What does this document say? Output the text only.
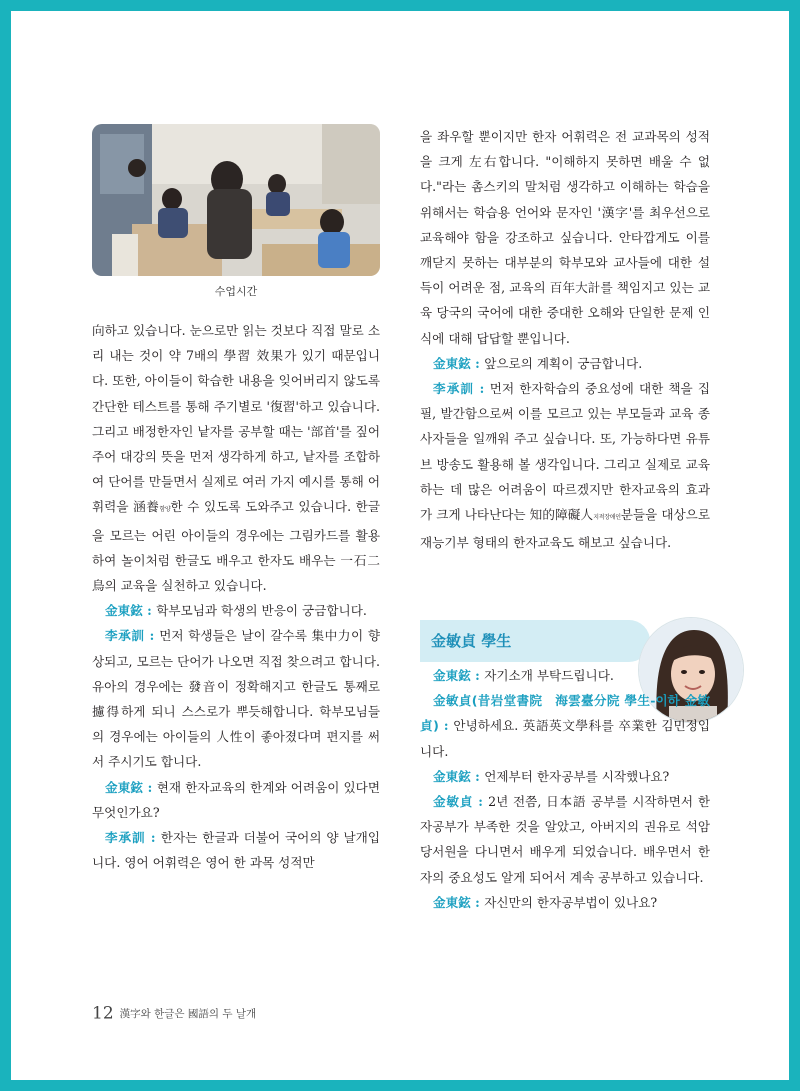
수업시간

向하고 있습니다. 눈으로만 읽는 것보다 직접 말로 소리 내는 것이 약 7배의 學習 效果가 있기 때문입니다. 또한, 아이들이 학습한 내용을 잊어버리지 않도록 간단한 테스트를 통해 주기별로 '復習'하고 있습니다. 그리고 배정한자인 낱자를 공부할 때는 '部首'를 짚어주어 대강의 뜻을 먼저 생각하게 하고, 낱자를 조합하여 단어를 만들면서 실제로 여러 가지 예시를 통해 어휘력을 涵養함양한 수 있도록 도와주고 있습니다. 한글을 모르는 어린 아이들의 경우에는 그림카드를 활용하여 놀이처럼 한글도 배우고 한자도 배우는 一石二鳥의 교육을 실천하고 있습니다.

金東鉉 : 학부모님과 학생의 반응이 궁금합니다.

李承訓 : 먼저 학생들은 날이 갈수록 集中力이 향상되고, 모르는 단어가 나오면 직접 찾으려고 합니다. 유아의 경우에는 發音이 정확해지고 한글도 통째로 攄得하게 되니 스스로가 뿌듯해합니다. 학부모님들의 경우에는 아이들의 人性이 좋아졌다며 편지를 써서 주시기도 합니다.

金東鉉 : 현재 한자교육의 한계와 어려움이 있다면 무엇인가요?

李承訓 : 한자는 한글과 더불어 국어의 양 날개입니다. 영어 어휘력은 영어 한 과목 성적만

을 좌우할 뿐이지만 한자 어휘력은 전 교과목의 성적을 크게 左右합니다. "이해하지 못하면 배울 수 없다."라는 촘스키의 말처럼 생각하고 이해하는 학습을 위해서는 학습용 언어와 문자인 '漢字'를 최우선으로 교육해야 함을 강조하고 싶습니다. 안타깝게도 이를 깨닫지 못하는 대부분의 학부모와 교사들에 대한 설득이 어려운 점, 교육의 百年大計를 책임지고 있는 교육 당국의 국어에 대한 중대한 오해와 단일한 문제 인식에 대해 답답할 뿐입니다.

金東鉉 : 앞으로의 계획이 궁금합니다.

李承訓 : 먼저 한자학습의 중요성에 대한 책을 집필, 발간함으로써 이를 모르고 있는 부모들과 교육 종사자들을 일깨워 주고 싶습니다. 또, 가능하다면 유튜브 방송도 활용해 볼 생각입니다. 그리고 실제로 교육하는 데 많은 어려움이 따르겠지만 한자교육의 효과가 크게 나타난다는 知的障礙人지적장애인분들을 대상으로 재능기부 형태의 한자교육도 해보고 싶습니다.

金敏貞 學生

金東鉉 : 자기소개 부탁드립니다.

金敏貞(昔岩堂書院　海雲臺分院 學生-이하 金敏貞) : 안녕하세요. 英語英文學科를 卒業한 김민정입니다.

金東鉉 : 언제부터 한자공부를 시작했나요?

金敏貞 : 2년 전쯤, 日本語 공부를 시작하면서 한자공부가 부족한 것을 알았고, 아버지의 권유로 석암당서원을 다니면서 배우게 되었습니다. 배우면서 한자의 중요성도 알게 되어서 계속 공부하고 있습니다.

金東鉉 : 자신만의 한자공부법이 있나요?

12 漢字와 한글은 國語의 두 날개
